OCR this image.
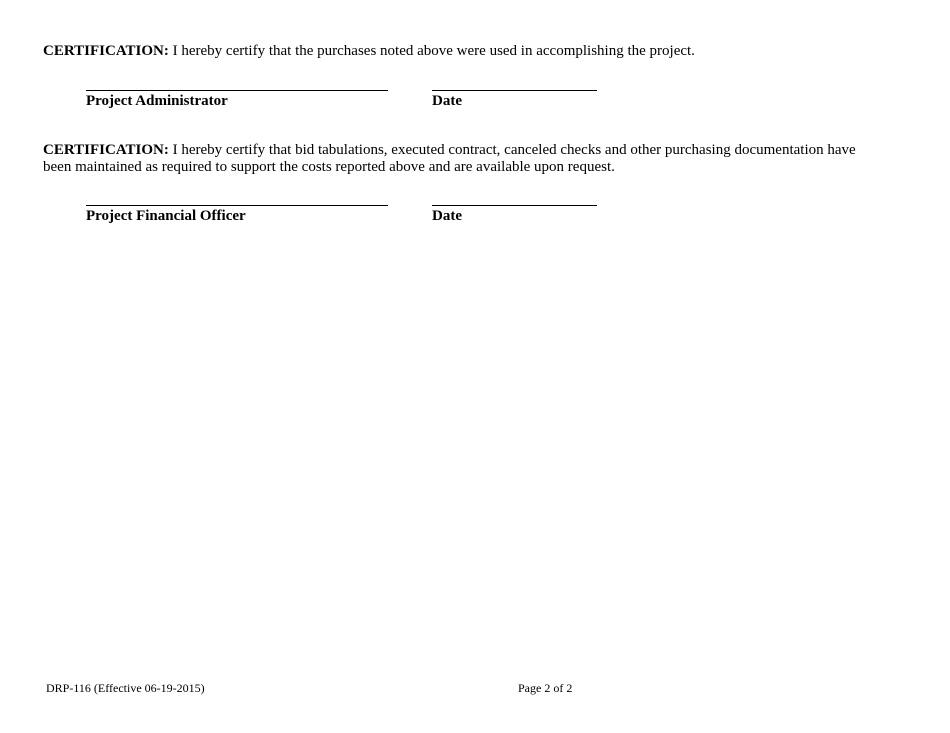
CERTIFICATION: I hereby certify that the purchases noted above were used in accomplishing the project.

Project Administrator	Date

CERTIFICATION: I hereby certify that bid tabulations, executed contract, canceled checks and other purchasing documentation have been maintained as required to support the costs reported above and are available upon request.

Project Financial Officer	Date
DRP-116 (Effective 06-19-2015)	Page 2 of 2
